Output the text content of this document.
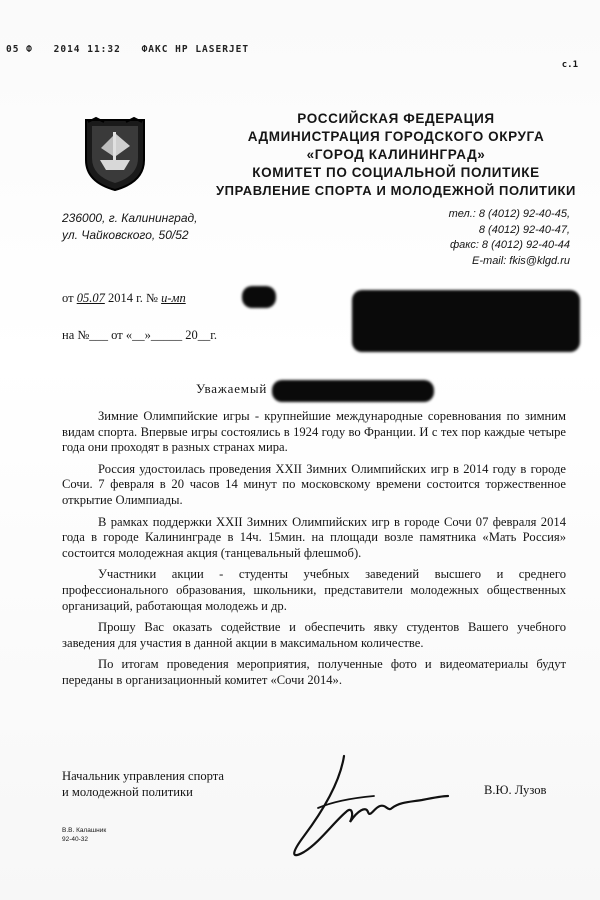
05 Ф 2014 11:32 ФАКС HP LASERJET
с.1
РОССИЙСКАЯ ФЕДЕРАЦИЯ
АДМИНИСТРАЦИЯ ГОРОДСКОГО ОКРУГА
«ГОРОД КАЛИНИНГРАД»
КОМИТЕТ ПО СОЦИАЛЬНОЙ ПОЛИТИКЕ
УПРАВЛЕНИЕ СПОРТА И МОЛОДЕЖНОЙ ПОЛИТИКИ
236000, г. Калининград,
ул. Чайковского, 50/52
тел.: 8 (4012) 92-40-45,
8 (4012) 92-40-47,
факс: 8 (4012) 92-40-44
E-mail: fkis@klgd.ru
от 05.07 2014 г. № и-мп
на №___ от «__»_____ 20__г.
Уважаемый

Зимние Олимпийские игры - крупнейшие международные соревнования по зимним видам спорта. Впервые игры состоялись в 1924 году во Франции. И с тех пор каждые четыре года они проходят в разных странах мира.

Россия удостоилась проведения XXII Зимних Олимпийских игр в 2014 году в городе Сочи. 7 февраля в 20 часов 14 минут по московскому времени состоится торжественное открытие Олимпиады.

В рамках поддержки XXII Зимних Олимпийских игр в городе Сочи 07 февраля 2014 года в городе Калининграде в 14ч. 15мин. на площади возле памятника «Мать Россия» состоится молодежная акция (танцевальный флешмоб).

Участники акции - студенты учебных заведений высшего и среднего профессионального образования, школьники, представители молодежных общественных организаций, работающая молодежь и др.

Прошу Вас оказать содействие и обеспечить явку студентов Вашего учебного заведения для участия в данной акции в максимальном количестве.

По итогам проведения мероприятия, полученные фото и видеоматериалы будут переданы в организационный комитет «Сочи 2014».

Начальник управления спорта
и молодежной политики	В.Ю. Лузов
В.В. Калашник
92-40-32
